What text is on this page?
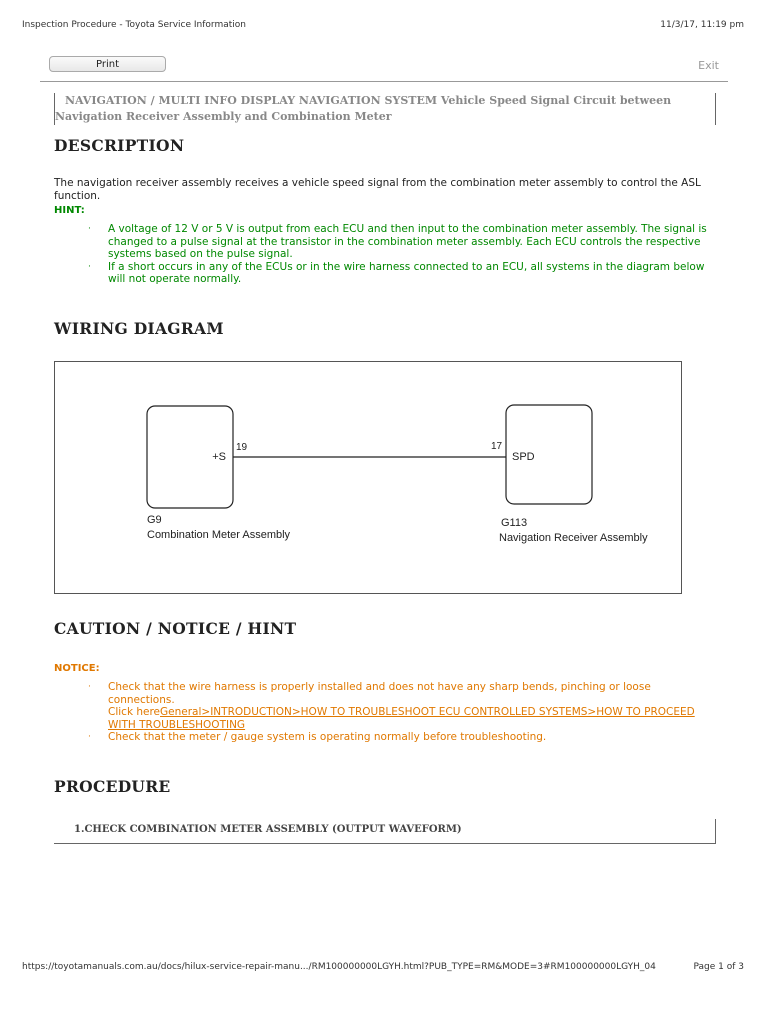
Inspection Procedure - Toyota Service Information	11/3/17, 11:19 pm
Print	Exit
NAVIGATION / MULTI INFO DISPLAY NAVIGATION SYSTEM Vehicle Speed Signal Circuit between
Navigation Receiver Assembly and Combination Meter
DESCRIPTION
The navigation receiver assembly receives a vehicle speed signal from the combination meter assembly to control the ASL function.
HINT:
· A voltage of 12 V or 5 V is output from each ECU and then input to the combination meter assembly. The signal is changed to a pulse signal at the transistor in the combination meter assembly. Each ECU controls the respective systems based on the pulse signal.
· If a short occurs in any of the ECUs or in the wire harness connected to an ECU, all systems in the diagram below will not operate normally.
WIRING DIAGRAM
+S
19	17
SPD
G9
Combination Meter Assembly
G113
Navigation Receiver Assembly
CAUTION / NOTICE / HINT
NOTICE:
· Check that the wire harness is properly installed and does not have any sharp bends, pinching or loose connections.
Click hereGeneral>INTRODUCTION>HOW TO TROUBLESHOOT ECU CONTROLLED SYSTEMS>HOW TO PROCEED WITH TROUBLESHOOTING
· Check that the meter / gauge system is operating normally before troubleshooting.
PROCEDURE
1.CHECK COMBINATION METER ASSEMBLY (OUTPUT WAVEFORM)
https://toyotamanuals.com.au/docs/hilux-service-repair-manu.../RM100000000LGYH.html?PUB_TYPE=RM&MODE=3#RM100000000LGYH_04	Page 1 of 3
